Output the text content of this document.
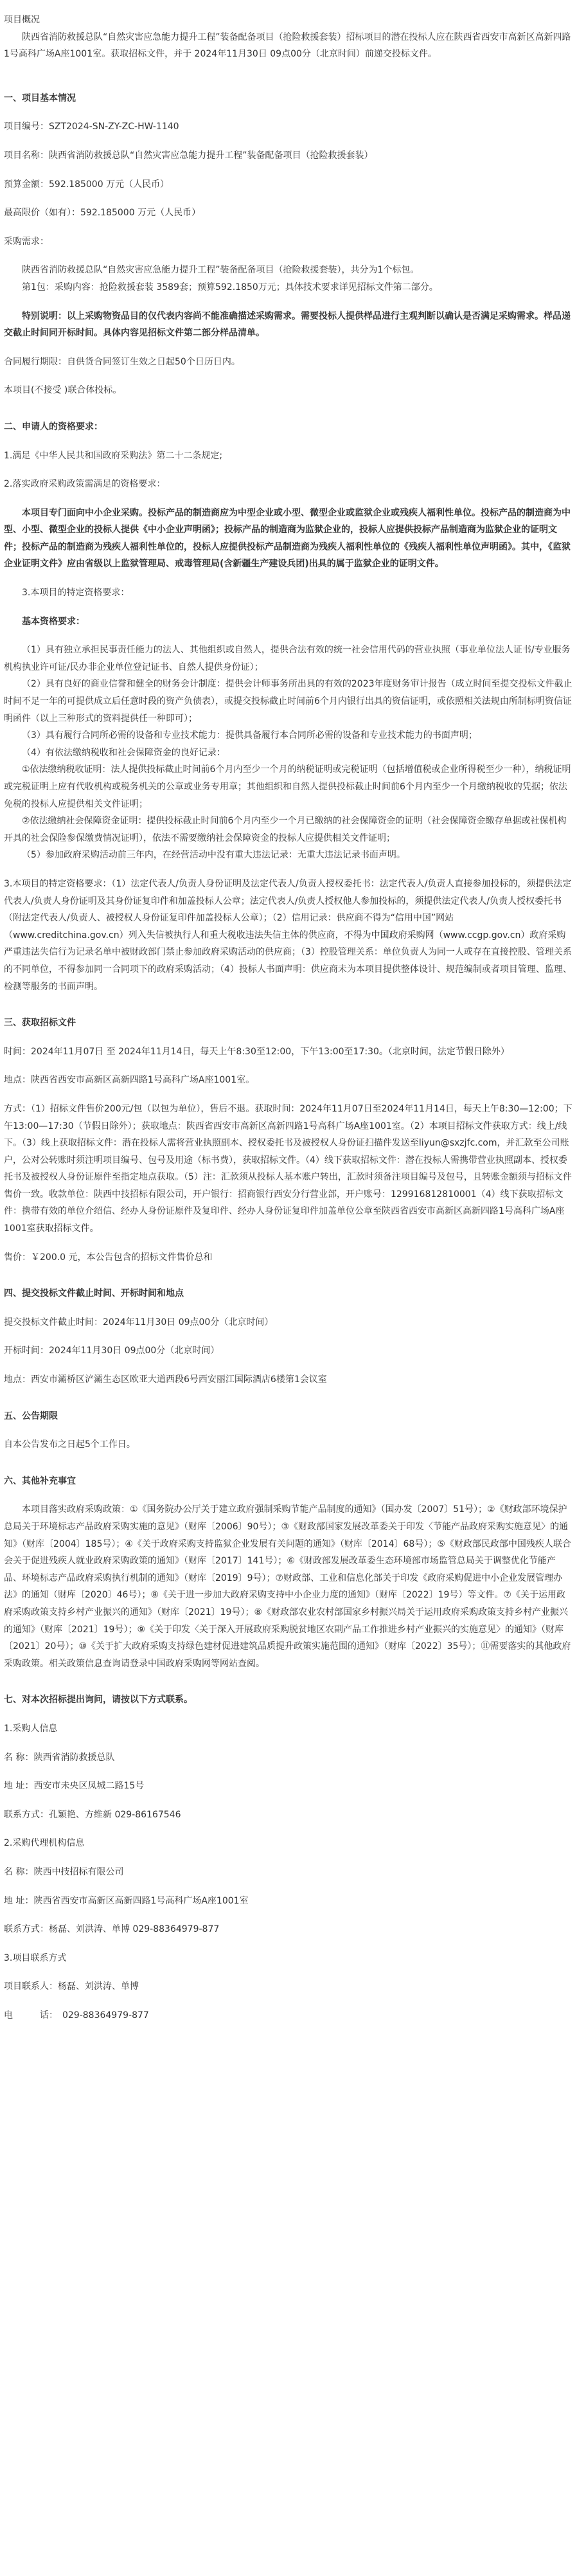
项目概况

陕西省消防救援总队“自然灾害应急能力提升工程”装备配备项目（抢险救援套装）招标项目的潜在投标人应在陕西省西安市高新区高新四路1号高科广场A座1001室。获取招标文件，并于 2024年11月30日 09点00分（北京时间）前递交投标文件。

一、项目基本情况

项目编号：SZT2024-SN-ZY-ZC-HW-1140

项目名称：陕西省消防救援总队“自然灾害应急能力提升工程”装备配备项目（抢险救援套装）

预算金额：592.185000 万元（人民币）

最高限价（如有）：592.185000 万元（人民币）

采购需求：

陕西省消防救援总队“自然灾害应急能力提升工程”装备配备项目（抢险救援套装），共分为1个标包。

第1包：采购内容：抢险救援套装 3589套；预算592.1850万元；具体技术要求详见招标文件第二部分。

特别说明：以上采购物资品目的仅代表内容尚不能准确描述采购需求。需要投标人提供样品进行主观判断以确认是否满足采购需求。样品递交截止时间同开标时间。具体内容见招标文件第二部分样品清单。

合同履行期限：自供货合同签订生效之日起50个日历日内。

本项目(不接受 )联合体投标。

二、申请人的资格要求：

1.满足《中华人民共和国政府采购法》第二十二条规定;

2.落实政府采购政策需满足的资格要求：

本项目专门面向中小企业采购。投标产品的制造商应为中型企业或小型、微型企业或监狱企业或残疾人福利性单位。投标产品的制造商为中型、小型、微型企业的投标人提供《中小企业声明函》；投标产品的制造商为监狱企业的，投标人应提供投标产品制造商为监狱企业的证明文件；投标产品的制造商为残疾人福利性单位的，投标人应提供投标产品制造商为残疾人福利性单位的《残疾人福利性单位声明函》。其中，《监狱企业证明文件》应由省级以上监狱管理局、戒毒管理局(含新疆生产建设兵团)出具的属于监狱企业的证明文件。

3.本项目的特定资格要求：

基本资格要求：

（1）具有独立承担民事责任能力的法人、其他组织或自然人，提供合法有效的统一社会信用代码的营业执照（事业单位法人证书/专业服务机构执业许可证/民办非企业单位登记证书、自然人提供身份证）；

（2）具有良好的商业信誉和健全的财务会计制度：提供会计师事务所出具的有效的2023年度财务审计报告（成立时间至提交投标文件截止时间不足一年的可提供成立后任意时段的资产负债表），或提交投标截止时间前6个月内银行出具的资信证明，或依照相关法规由所制标明资信证明函件（以上三种形式的资料提供任一种即可）；

（3）具有履行合同所必需的设备和专业技术能力：提供具备履行本合同所必需的设备和专业技术能力的书面声明；

（4）有依法缴纳税收和社会保障资金的良好记录：

①依法缴纳税收证明：法人提供投标截止时间前6个月内至少一个月的纳税证明或完税证明（包括增值税或企业所得税至少一种），纳税证明或完税证明上应有代收机构或税务机关的公章或业务专用章；其他组织和自然人提供投标截止时间前6个月内至少一个月缴纳税收的凭据；依法免税的投标人应提供相关文件证明；

②依法缴纳社会保障资金证明：提供投标截止时间前6个月内至少一个月已缴纳的社会保障资金的证明（社会保障资金缴存单据或社保机构开具的社会保险参保缴费情况证明），依法不需要缴纳社会保障资金的投标人应提供相关文件证明；

（5）参加政府采购活动前三年内，在经营活动中没有重大违法记录：无重大违法记录书面声明。

3.本项目的特定资格要求：（1）法定代表人/负责人身份证明及法定代表人/负责人授权委托书：法定代表人/负责人直接参加投标的，须提供法定代表人/负责人身份证明及其身份证复印件和加盖投标人公章；法定代表人/负责人授权他人参加投标的，须提供法定代表人/负责人授权委托书（附法定代表人/负责人、被授权人身份证复印件加盖投标人公章）；（2）信用记录：供应商不得为“信用中国”网站（www.creditchina.gov.cn）列入失信被执行人和重大税收违法失信主体的供应商，不得为中国政府采购网（www.ccgp.gov.cn）政府采购严重违法失信行为记录名单中被财政部门禁止参加政府采购活动的供应商；（3）控股管理关系：单位负责人为同一人或存在直接控股、管理关系的不同单位，不得参加同一合同项下的政府采购活动；（4）投标人书面声明：供应商未为本项目提供整体设计、规范编制或者项目管理、监理、检测等服务的书面声明。

三、获取招标文件

时间：2024年11月07日 至 2024年11月14日，每天上午8:30至12:00，下午13:00至17:30。（北京时间，法定节假日除外）

地点：陕西省西安市高新区高新四路1号高科广场A座1001室。

方式：（1）招标文件售价200元/包（以包为单位），售后不退。获取时间：2024年11月07日至2024年11月14日，每天上午8:30—12:00；下午13:00—17:30（节假日除外）；获取地点：陕西省西安市高新区高新四路1号高科广场A座1001室。（2）本项目招标文件获取方式：线上/线下。（3）线上获取招标文件：潜在投标人需将营业执照副本、授权委托书及被授权人身份证扫描件发送至liyun@sxzjfc.com，并汇款至公司账户，公对公转账时须注明项目编号、包号及用途（标书费），获取招标文件。（4）线下获取招标文件：潜在投标人需携带营业执照副本、授权委托书及被授权人身份证原件至指定地点获取。（5）注：汇款须从投标人基本账户转出，汇款时须备注项目编号及包号，且转账金额须与招标文件售价一致。收款单位：陕西中技招标有限公司，开户银行：招商银行西安分行营业部，开户账号：129916812810001（4）线下获取招标文件：携带有效的单位介绍信、经办人身份证原件及复印件、经办人身份证复印件加盖单位公章至陕西省西安市高新区高新四路1号高科广场A座1001室获取招标文件。

售价：￥200.0 元，本公告包含的招标文件售价总和

四、提交投标文件截止时间、开标时间和地点

提交投标文件截止时间：2024年11月30日 09点00分（北京时间）

开标时间：2024年11月30日 09点00分（北京时间）

地点：西安市灞桥区浐灞生态区欧亚大道西段6号西安丽江国际酒店6楼第1会议室

五、公告期限

自本公告发布之日起5个工作日。

六、其他补充事宜

本项目落实政府采购政策：①《国务院办公厅关于建立政府强制采购节能产品制度的通知》（国办发〔2007〕51号）；②《财政部环境保护总局关于环境标志产品政府采购实施的意见》（财库〔2006〕90号）；③《财政部国家发展改革委关于印发〈节能产品政府采购实施意见〉的通知》（财库〔2004〕185号）；④《关于政府采购支持监狱企业发展有关问题的通知》（财库〔2014〕68号）；⑤《财政部民政部中国残疾人联合会关于促进残疾人就业政府采购政策的通知》（财库〔2017〕141号）；⑥《财政部发展改革委生态环境部市场监管总局关于调整优化节能产品、环境标志产品政府采购执行机制的通知》（财库〔2019〕9号）；⑦财政部、工业和信息化部关于印发《政府采购促进中小企业发展管理办法》的通知（财库〔2020〕46号）；⑧《关于进一步加大政府采购支持中小企业力度的通知》（财库〔2022〕19号）等文件。⑦《关于运用政府采购政策支持乡村产业振兴的通知》（财库〔2021〕19号）；⑧《财政部农业农村部国家乡村振兴局关于运用政府采购政策支持乡村产业振兴的通知》（财库〔2021〕19号）；⑨《关于印发〈关于深入开展政府采购脱贫地区农副产品工作推进乡村产业振兴的实施意见〉的通知》（财库〔2021〕20号）；⑩《关于扩大政府采购支持绿色建材促进建筑品质提升政策实施范围的通知》（财库〔2022〕35号）；⑪需要落实的其他政府采购政策。相关政策信息查询请登录中国政府采购网等网站查阅。

七、对本次招标提出询问，请按以下方式联系。

1.采购人信息

名 称：陕西省消防救援总队

地 址：西安市未央区凤城二路15号

联系方式：孔颖艳、方维新 029-86167546

2.采购代理机构信息

名 称：陕西中技招标有限公司

地 址：陕西省西安市高新区高新四路1号高科广场A座1001室

联系方式：杨磊、刘洪涛、单博 029-88364979-877

3.项目联系方式

项目联系人：杨磊、刘洪涛、单博

电　　　话：　029-88364979-877
